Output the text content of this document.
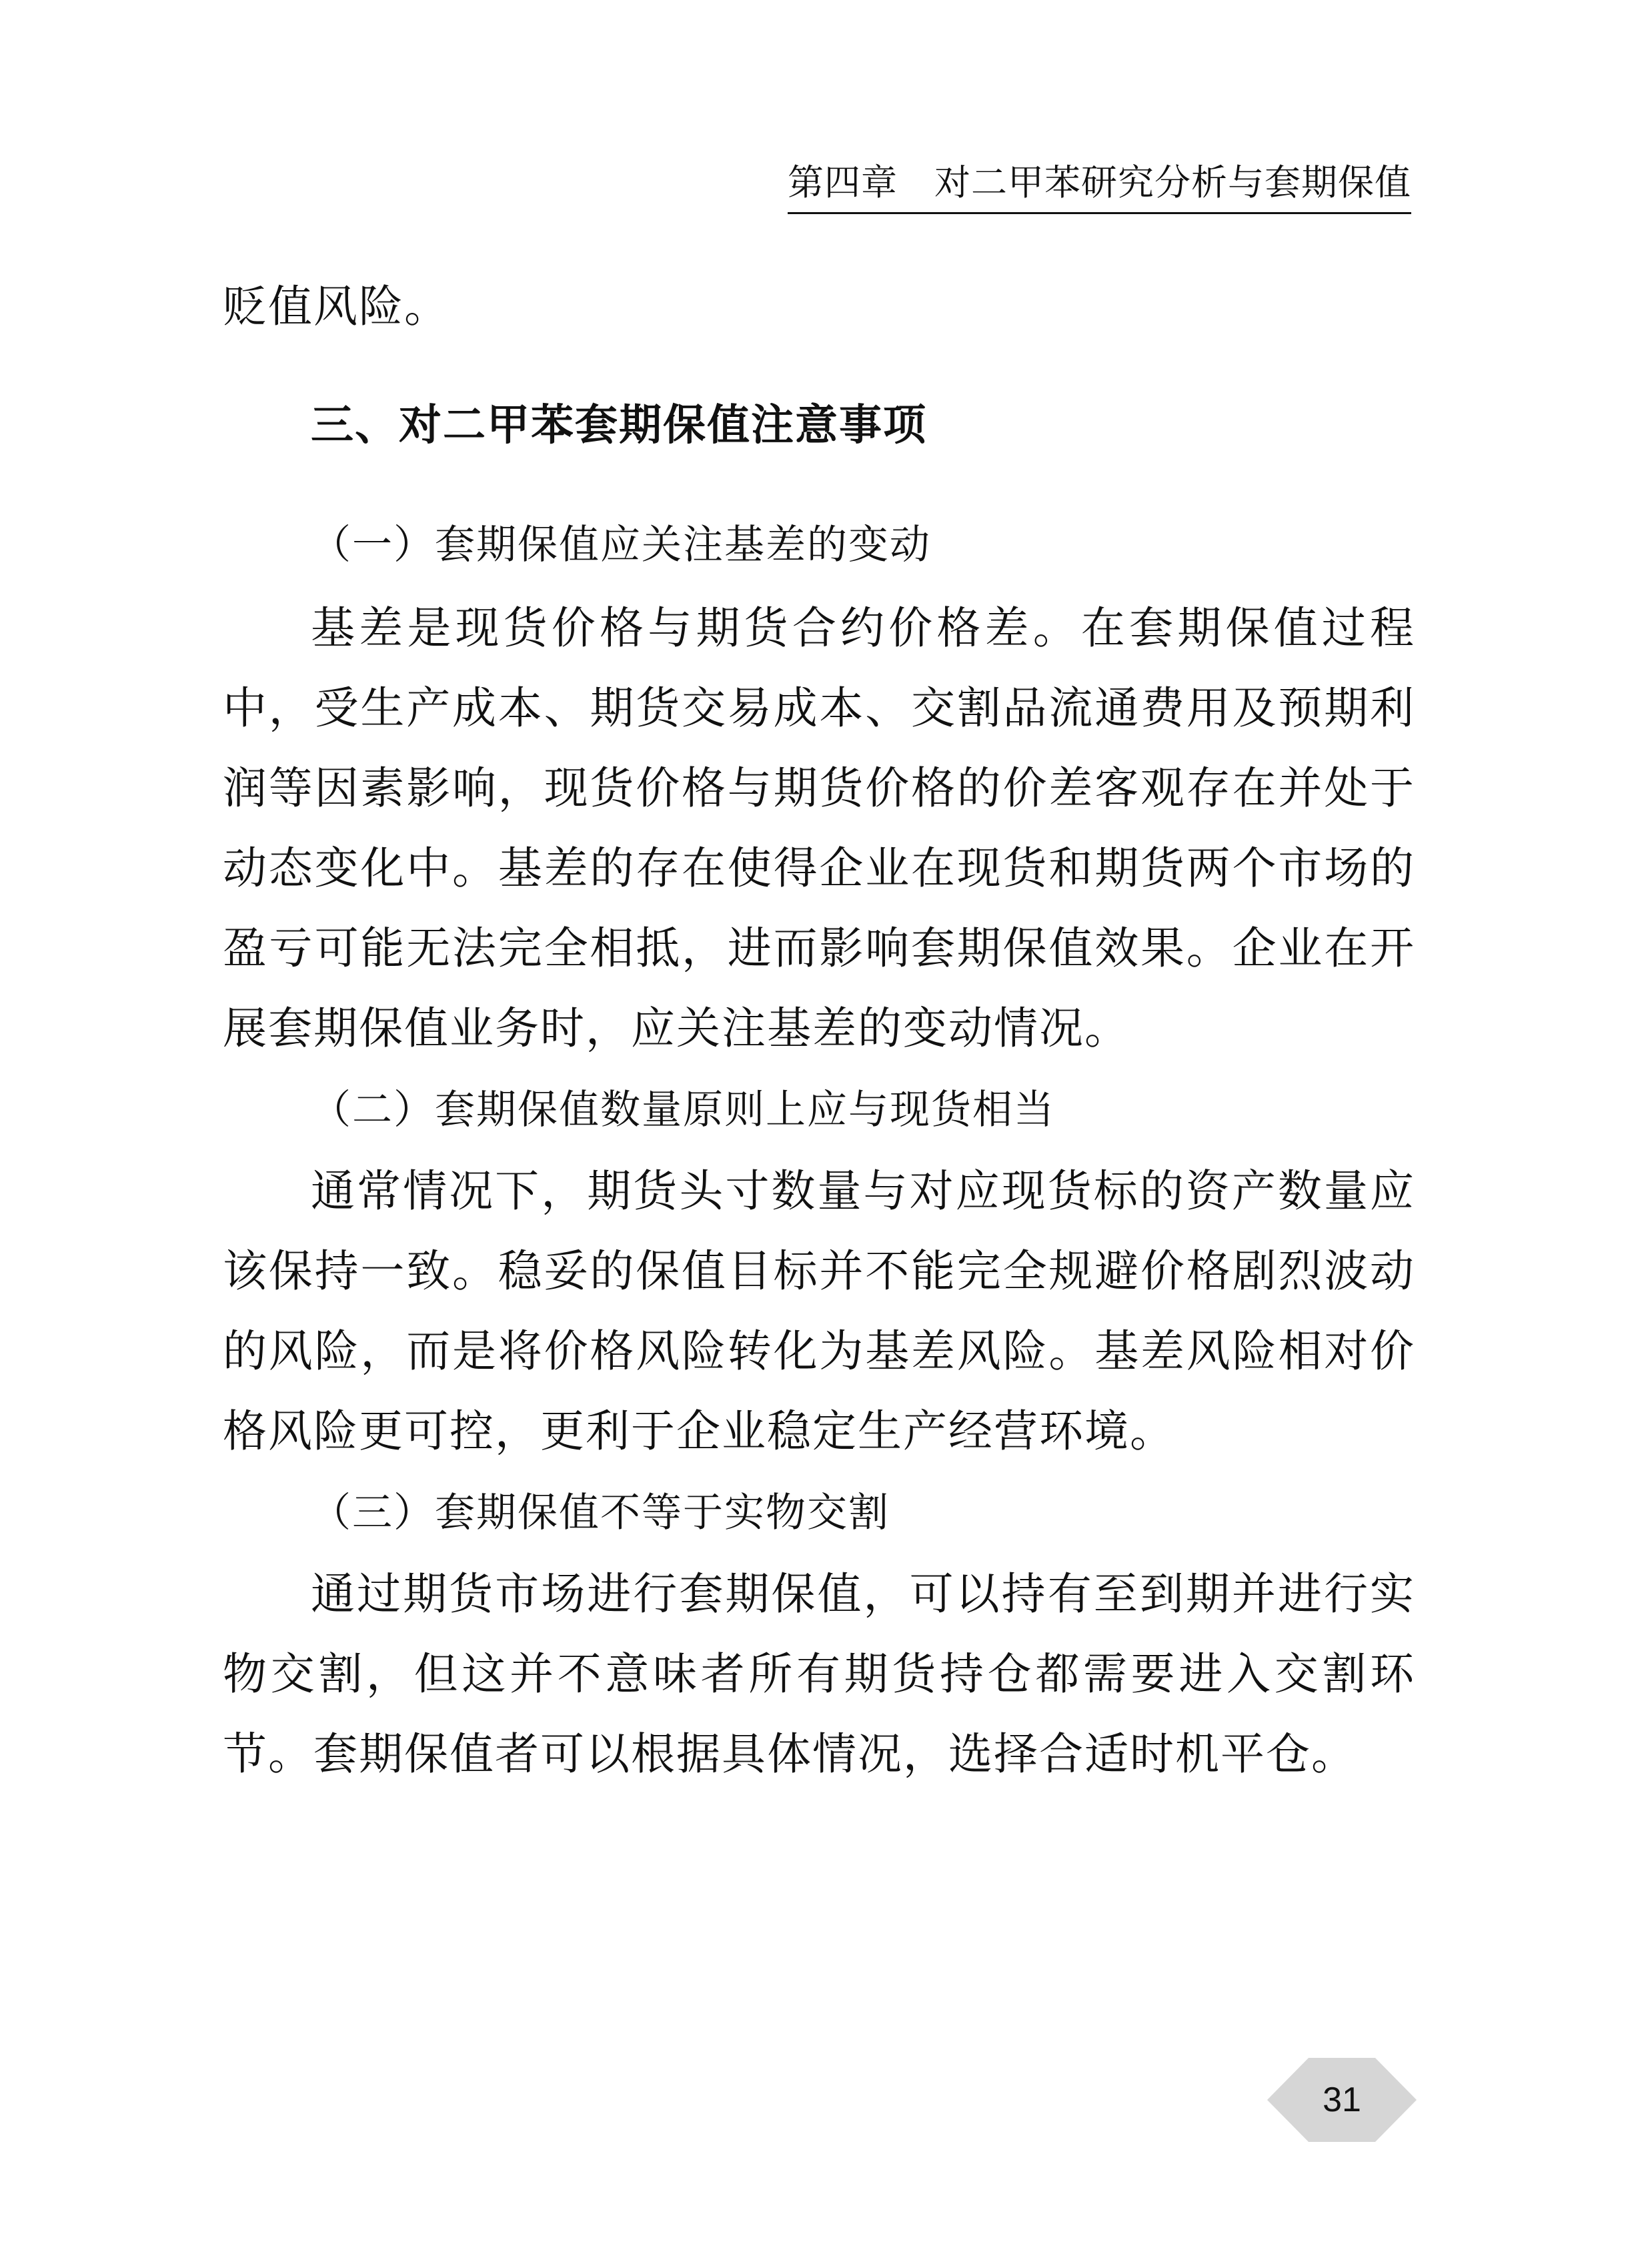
第四章　对二甲苯研究分析与套期保值

贬值风险。

三、对二甲苯套期保值注意事项

（一）套期保值应关注基差的变动

基差是现货价格与期货合约价格差。在套期保值过程中，受生产成本、期货交易成本、交割品流通费用及预期利润等因素影响，现货价格与期货价格的价差客观存在并处于动态变化中。基差的存在使得企业在现货和期货两个市场的盈亏可能无法完全相抵，进而影响套期保值效果。企业在开展套期保值业务时，应关注基差的变动情况。

（二）套期保值数量原则上应与现货相当

通常情况下，期货头寸数量与对应现货标的资产数量应该保持一致。稳妥的保值目标并不能完全规避价格剧烈波动的风险，而是将价格风险转化为基差风险。基差风险相对价格风险更可控，更利于企业稳定生产经营环境。

（三）套期保值不等于实物交割

通过期货市场进行套期保值，可以持有至到期并进行实物交割，但这并不意味者所有期货持仓都需要进入交割环节。套期保值者可以根据具体情况，选择合适时机平仓。

31
